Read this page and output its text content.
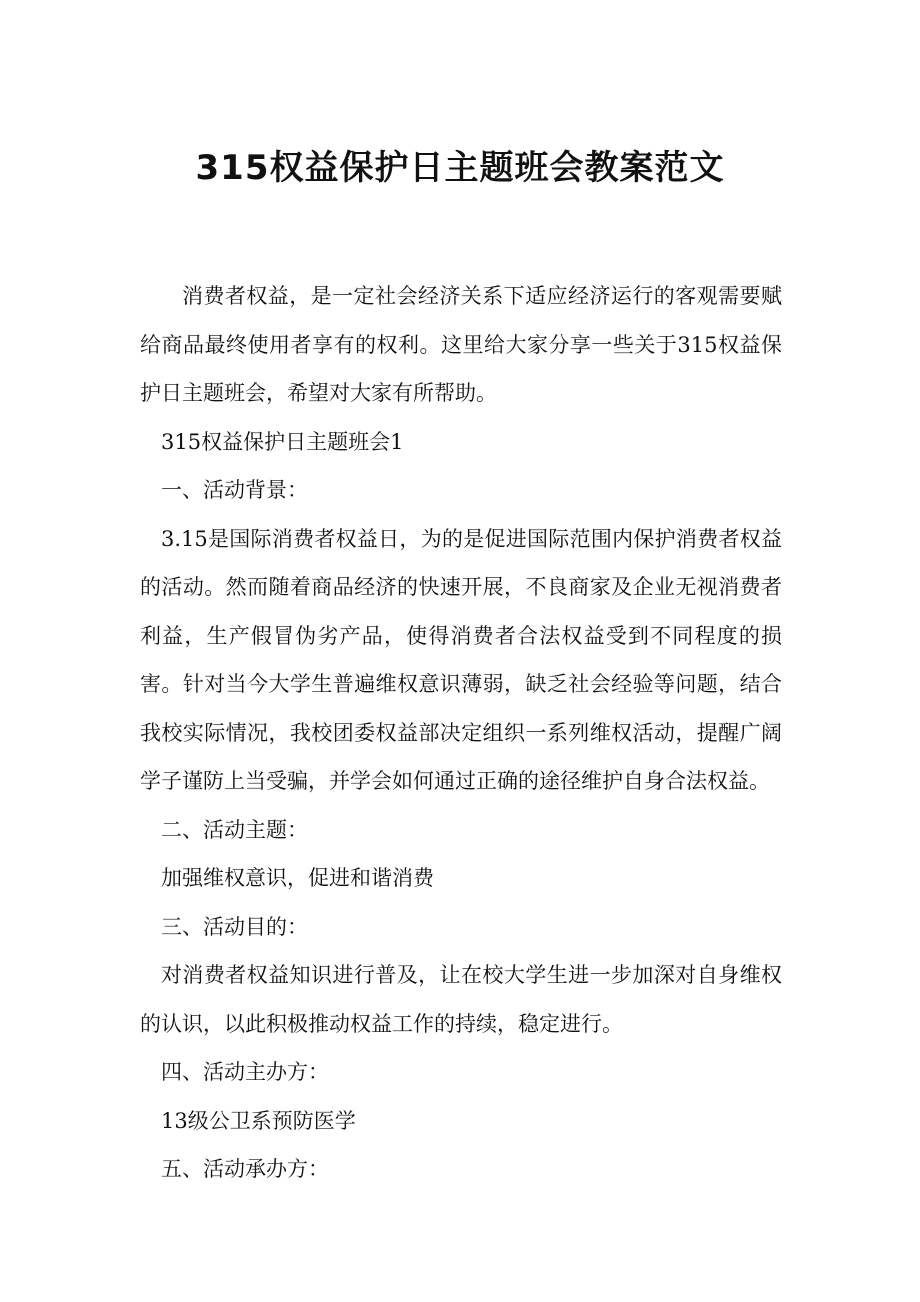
315权益保护日主题班会教案范文

消费者权益，是一定社会经济关系下适应经济运行的客观需要赋给商品最终使用者享有的权利。这里给大家分享一些关于315权益保护日主题班会，希望对大家有所帮助。

315权益保护日主题班会1

一、活动背景：

3.15是国际消费者权益日，为的是促进国际范围内保护消费者权益的活动。然而随着商品经济的快速开展，不良商家及企业无视消费者利益，生产假冒伪劣产品，使得消费者合法权益受到不同程度的损害。针对当今大学生普遍维权意识薄弱，缺乏社会经验等问题，结合我校实际情况，我校团委权益部决定组织一系列维权活动，提醒广阔学子谨防上当受骗，并学会如何通过正确的途径维护自身合法权益。

二、活动主题：

加强维权意识，促进和谐消费

三、活动目的：

对消费者权益知识进行普及，让在校大学生进一步加深对自身维权的认识，以此积极推动权益工作的持续，稳定进行。

四、活动主办方：

13级公卫系预防医学

五、活动承办方：
